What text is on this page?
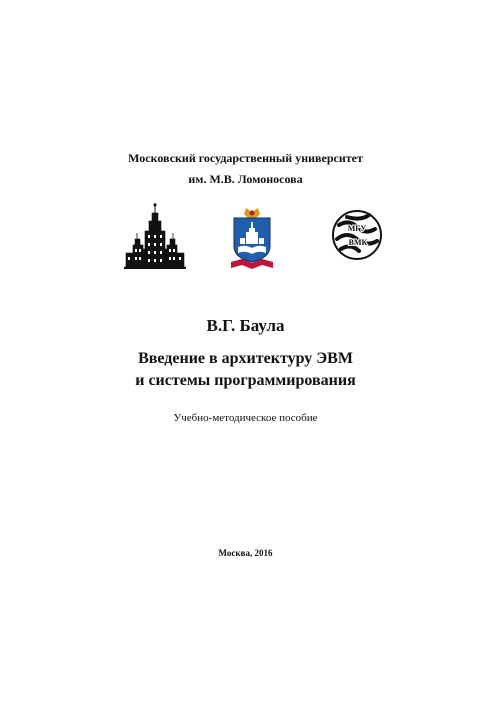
Московский государственный университет
им. М.В. Ломоносова
МГУ
ВМК
В.Г. Баула
Введение в архитектуру ЭВМ
и системы программирования
Учебно-методическое пособие
Москва, 2016
